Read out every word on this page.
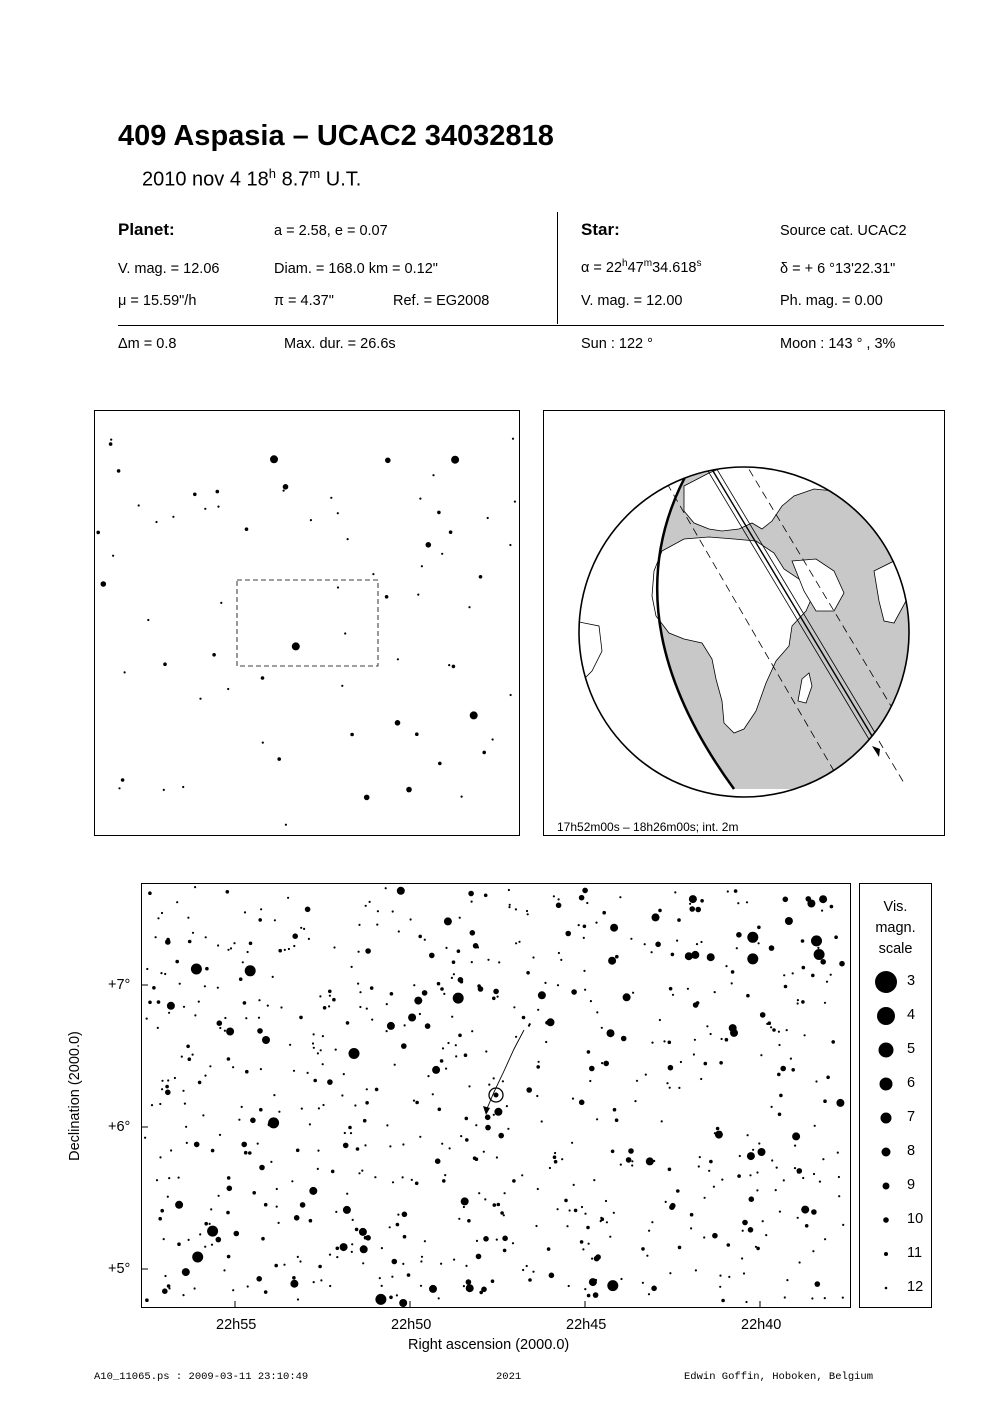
409 Aspasia – UCAC2 34032818
2010 nov 4 18$^h$ 8.7$^m$ U.T.
Planet:	a = 2.58, e = 0.07
V. mag. = 12.06	Diam. = 168.0 km = 0.12"
μ = 15.59"/h	π = 4.37"	Ref. = EG2008
Star:	Source cat. UCAC2
$\alpha = 22^h47^m34.618^s$	δ = + 6 °13'22.31"
V. mag. = 12.00	Ph. mag. = 0.00
Δm = 0.8	Max. dur. = 26.6s	Sun : 122 °	Moon : 143 ° , 3%
17h52m00s – 18h26m00s; int. 2m
22h55	22h50	22h45	22h40
Right ascension (2000.0)
+7°
+6°
+5°
Declination (2000.0)
Vis.
magn.
scale
3
4
5
6
7
8
9
10
11
12
A10_11065.ps : 2009-03-11 23:10:49	2021	Edwin Goffin, Hoboken, Belgium
